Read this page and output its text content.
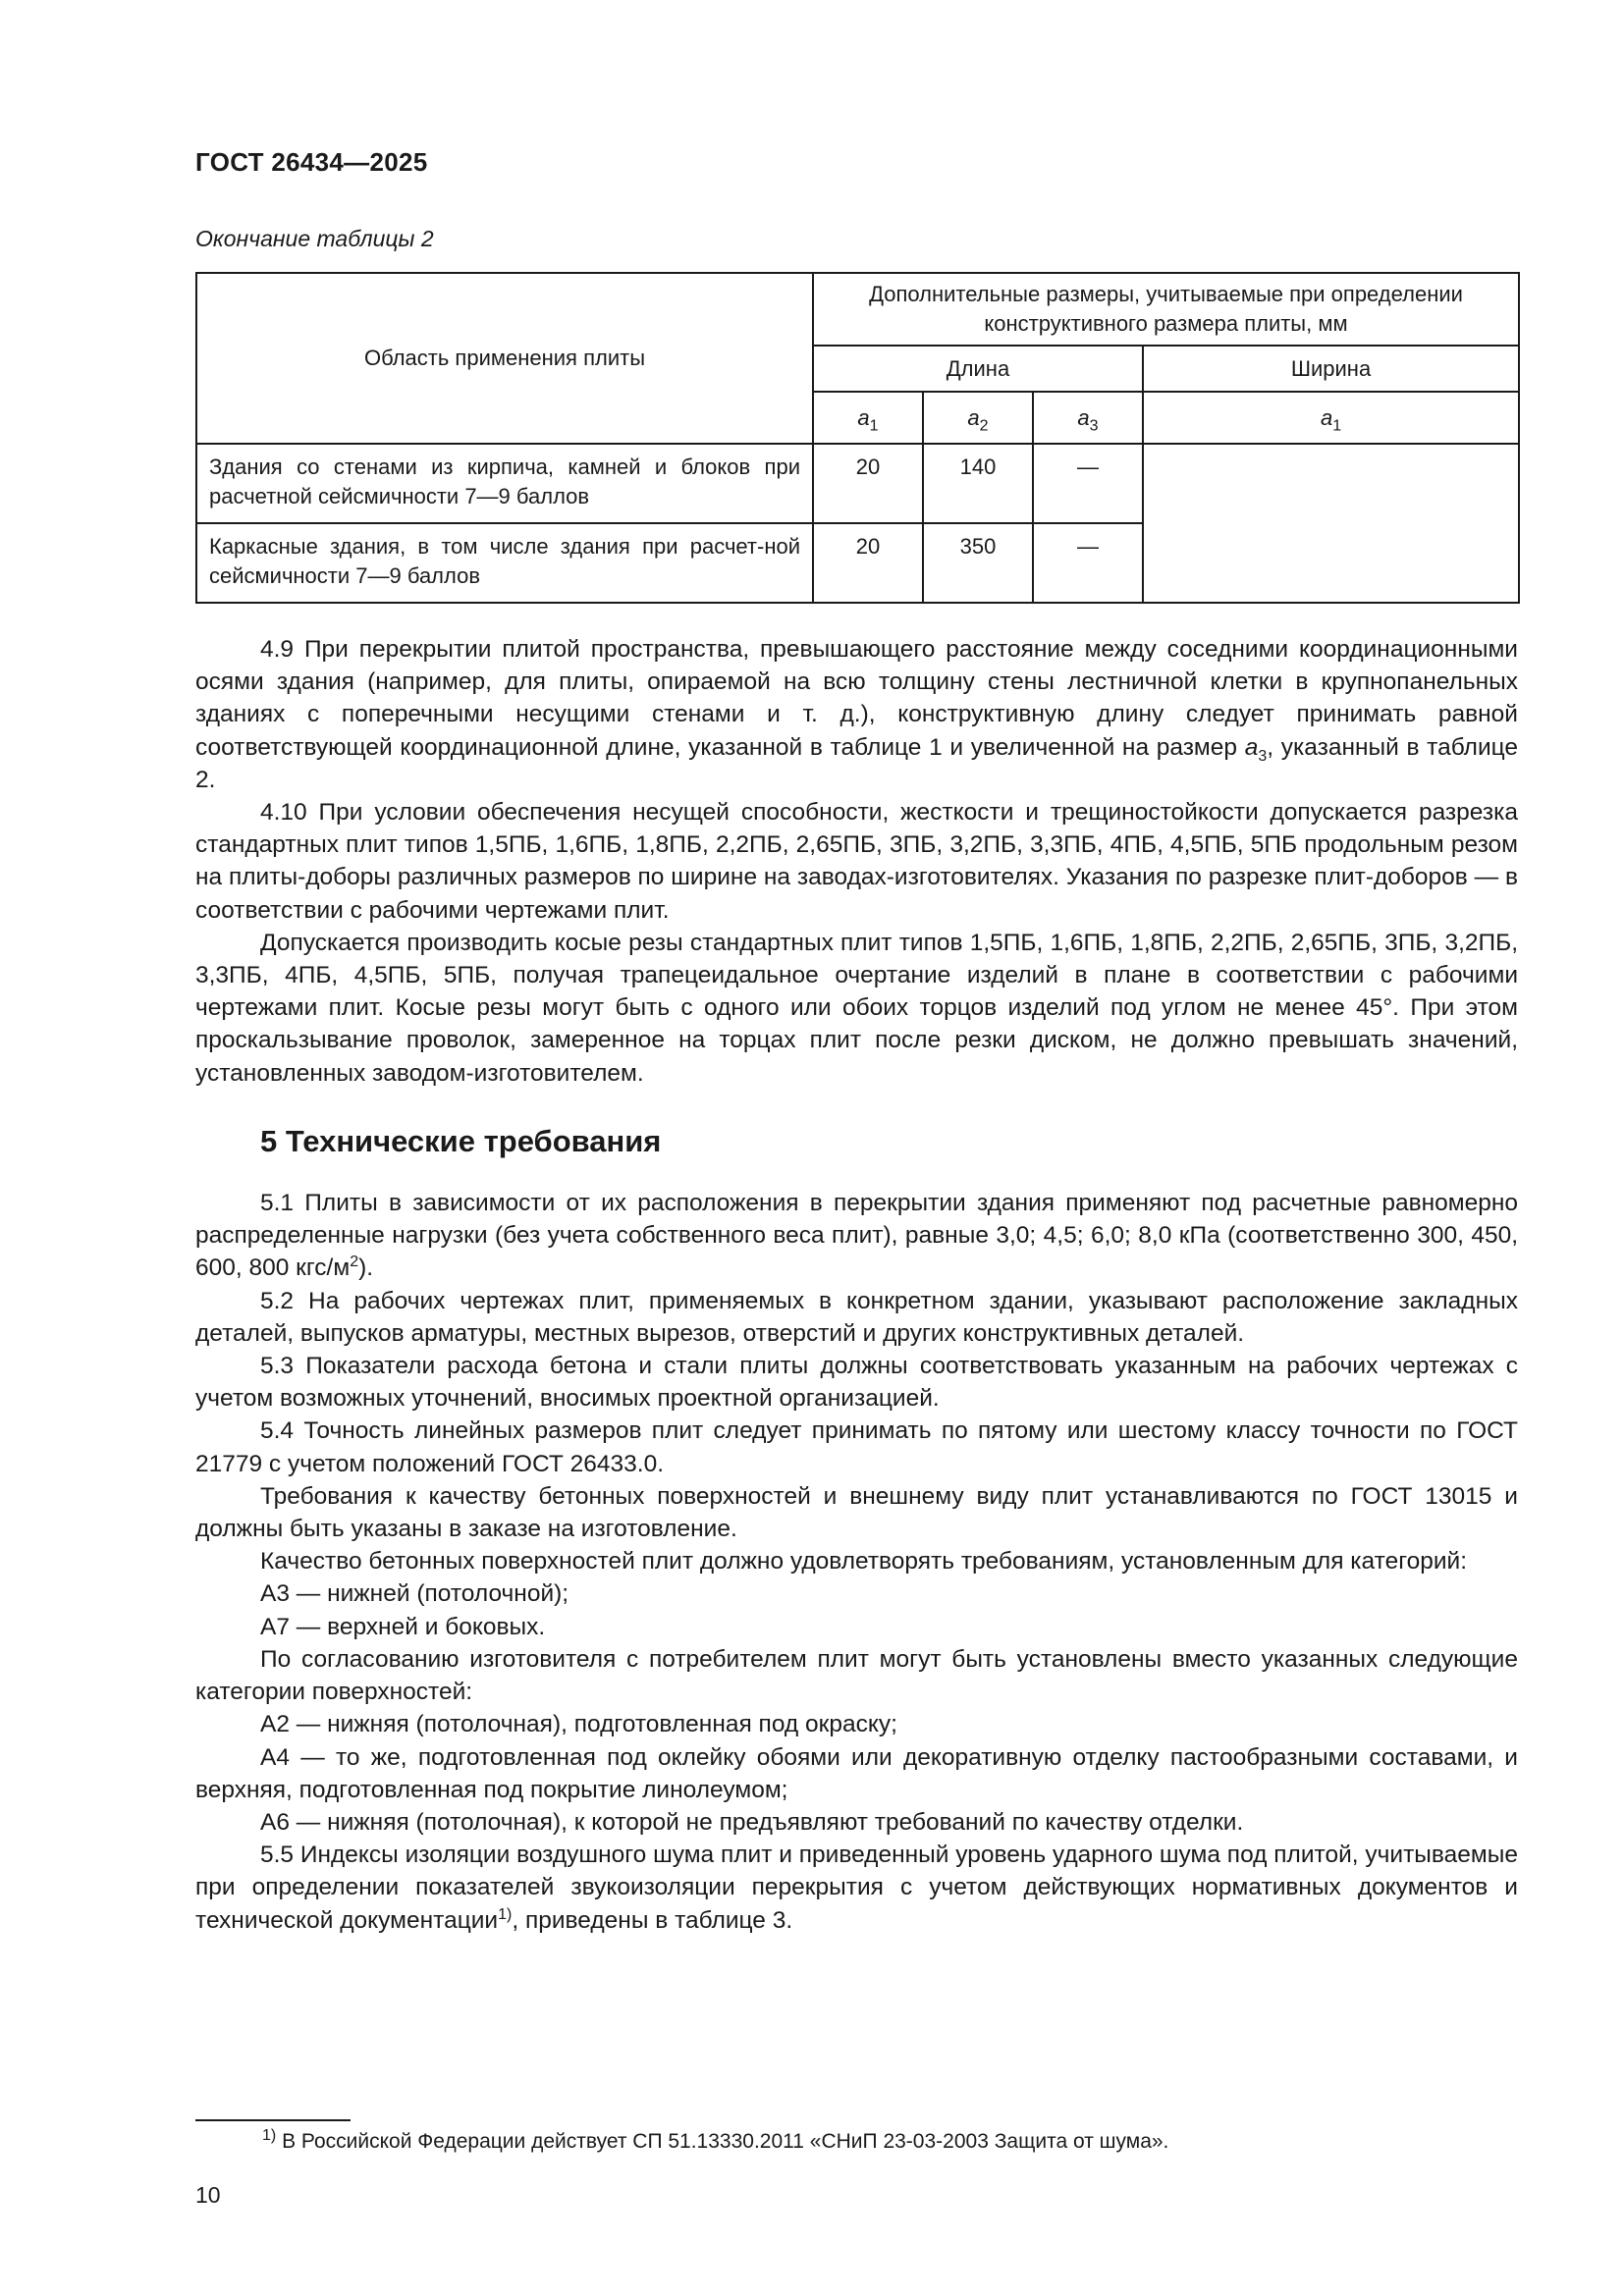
ГОСТ 26434—2025
Окончание таблицы 2
Область применения плиты	Дополнительные размеры, учитываемые при определении конструктивного размера плиты, мм			
	Длина			Ширина
	$a_1$	$a_2$	$a_3$	$a_1$
Здания со стенами из кирпича, камней и блоков при расчетной сейсмичности 7—9 баллов	20	140	—	
Каркасные здания, в том числе здания при расчет-ной сейсмичности 7—9 баллов	20	350	—	

4.9 При перекрытии плитой пространства, превышающего расстояние между соседними координационными осями здания (например, для плиты, опираемой на всю толщину стены лестничной клетки в крупнопанельных зданиях с поперечными несущими стенами и т. д.), конструктивную длину следует принимать равной соответствующей координационной длине, указанной в таблице 1 и увеличенной на размер $a_3$, указанный в таблице 2.

4.10 При условии обеспечения несущей способности, жесткости и трещиностойкости допускается разрезка стандартных плит типов 1,5ПБ, 1,6ПБ, 1,8ПБ, 2,2ПБ, 2,65ПБ, 3ПБ, 3,2ПБ, 3,3ПБ, 4ПБ, 4,5ПБ, 5ПБ продольным резом на плиты-доборы различных размеров по ширине на заводах-изготовителях. Указания по разрезке плит-доборов — в соответствии с рабочими чертежами плит.

Допускается производить косые резы стандартных плит типов 1,5ПБ, 1,6ПБ, 1,8ПБ, 2,2ПБ, 2,65ПБ, 3ПБ, 3,2ПБ, 3,3ПБ, 4ПБ, 4,5ПБ, 5ПБ, получая трапецеидальное очертание изделий в плане в соответствии с рабочими чертежами плит. Косые резы могут быть с одного или обоих торцов изделий под углом не менее 45°. При этом проскальзывание проволок, замеренное на торцах плит после резки диском, не должно превышать значений, установленных заводом-изготовителем.

5 Технические требования

5.1 Плиты в зависимости от их расположения в перекрытии здания применяют под расчетные равномерно распределенные нагрузки (без учета собственного веса плит), равные 3,0; 4,5; 6,0; 8,0 кПа (соответственно 300, 450, 600, 800 кгс/$м^2$).

5.2 На рабочих чертежах плит, применяемых в конкретном здании, указывают расположение закладных деталей, выпусков арматуры, местных вырезов, отверстий и других конструктивных деталей.

5.3 Показатели расхода бетона и стали плиты должны соответствовать указанным на рабочих чертежах с учетом возможных уточнений, вносимых проектной организацией.

5.4 Точность линейных размеров плит следует принимать по пятому или шестому классу точности по ГОСТ 21779 с учетом положений ГОСТ 26433.0.

Требования к качеству бетонных поверхностей и внешнему виду плит устанавливаются по ГОСТ 13015 и должны быть указаны в заказе на изготовление.

Качество бетонных поверхностей плит должно удовлетворять требованиям, установленным для категорий:

А3 — нижней (потолочной);

А7 — верхней и боковых.

По согласованию изготовителя с потребителем плит могут быть установлены вместо указанных следующие категории поверхностей:

А2 — нижняя (потолочная), подготовленная под окраску;

А4 — то же, подготовленная под оклейку обоями или декоративную отделку пастообразными составами, и верхняя, подготовленная под покрытие линолеумом;

А6 — нижняя (потолочная), к которой не предъявляют требований по качеству отделки.

5.5 Индексы изоляции воздушного шума плит и приведенный уровень ударного шума под плитой, учитываемые при определении показателей звукоизоляции перекрытия с учетом действующих нормативных документов и технической документации$^{1)}$, приведены в таблице 3.

$^{1)}$ В Российской Федерации действует СП 51.13330.2011 «СНиП 23-03-2003 Защита от шума».
10
